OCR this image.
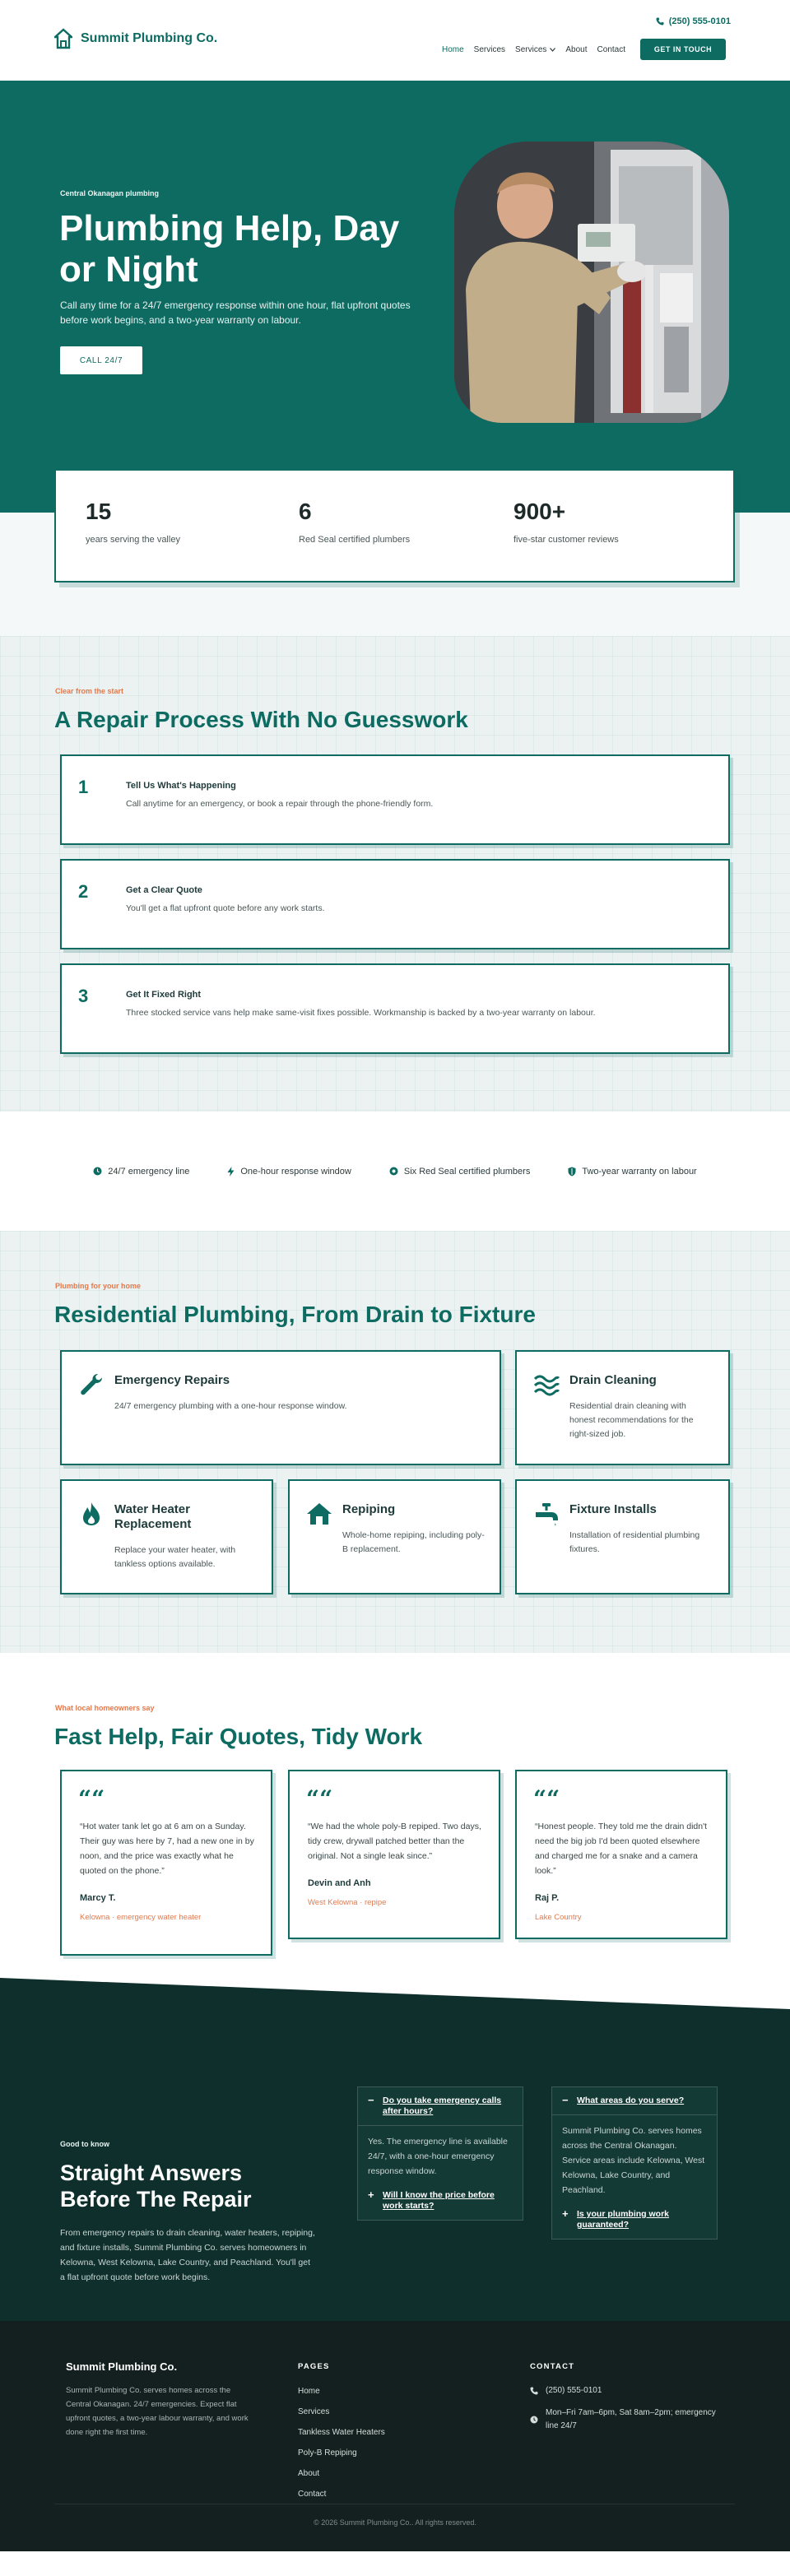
Summit Plumbing Co.
(250) 555-0101
Home Services Services About Contact	GET IN TOUCH
Central Okanagan plumbing
Plumbing Help, Day or Night

Call any time for a 24/7 emergency response within one hour, flat upfront quotes before work begins, and a two-year warranty on labour.

CALL 24/7
15
years serving the valley
6
Red Seal certified plumbers
900+
five-star customer reviews
Clear from the start
A Repair Process With No Guesswork
1	Tell Us What's Happening
Call anytime for an emergency, or book a repair through the phone-friendly form.
2	Get a Clear Quote
You'll get a flat upfront quote before any work starts.
3	Get It Fixed Right
Three stocked service vans help make same-visit fixes possible. Workmanship is backed by a two-year warranty on labour.
24/7 emergency line	One-hour response window	Six Red Seal certified plumbers	Two-year warranty on labour
Plumbing for your home
Residential Plumbing, From Drain to Fixture
Emergency Repairs
24/7 emergency plumbing with a one-hour response window.
Drain Cleaning
Residential drain cleaning with honest recommendations for the right-sized job.
Water Heater Replacement
Replace your water heater, with tankless options available.
Repiping
Whole-home repiping, including poly-B replacement.
Fixture Installs
Installation of residential plumbing fixtures.
What local homeowners say
Fast Help, Fair Quotes, Tidy Work
““
“Hot water tank let go at 6 am on a Sunday. Their guy was here by 7, had a new one in by noon, and the price was exactly what he quoted on the phone.”
Marcy T.
Kelowna · emergency water heater
““
“We had the whole poly-B repiped. Two days, tidy crew, drywall patched better than the original. Not a single leak since.”
Devin and Anh
West Kelowna · repipe
““
“Honest people. They told me the drain didn't need the big job I'd been quoted elsewhere and charged me for a snake and a camera look.”
Raj P.
Lake Country
Good to know
Straight Answers Before The Repair

From emergency repairs to drain cleaning, water heaters, repiping, and fixture installs, Summit Plumbing Co. serves homeowners in Kelowna, West Kelowna, Lake Country, and Peachland. You'll get a flat upfront quote before work begins.

− Do you take emergency calls after hours?
Yes. The emergency line is available 24/7, with a one-hour emergency response window.
+ Will I know the price before work starts?
− What areas do you serve?
Summit Plumbing Co. serves homes across the Central Okanagan. Service areas include Kelowna, West Kelowna, Lake Country, and Peachland.
+ Is your plumbing work guaranteed?
Summit Plumbing Co.
Summit Plumbing Co. serves homes across the Central Okanagan. 24/7 emergencies. Expect flat upfront quotes, a two-year labour warranty, and work done right the first time.
PAGES
Home
Services
Tankless Water Heaters
Poly-B Repiping
About
Contact
CONTACT
(250) 555-0101
Mon–Fri 7am–6pm, Sat 8am–2pm; emergency line 24/7
© 2026 Summit Plumbing Co.. All rights reserved.
